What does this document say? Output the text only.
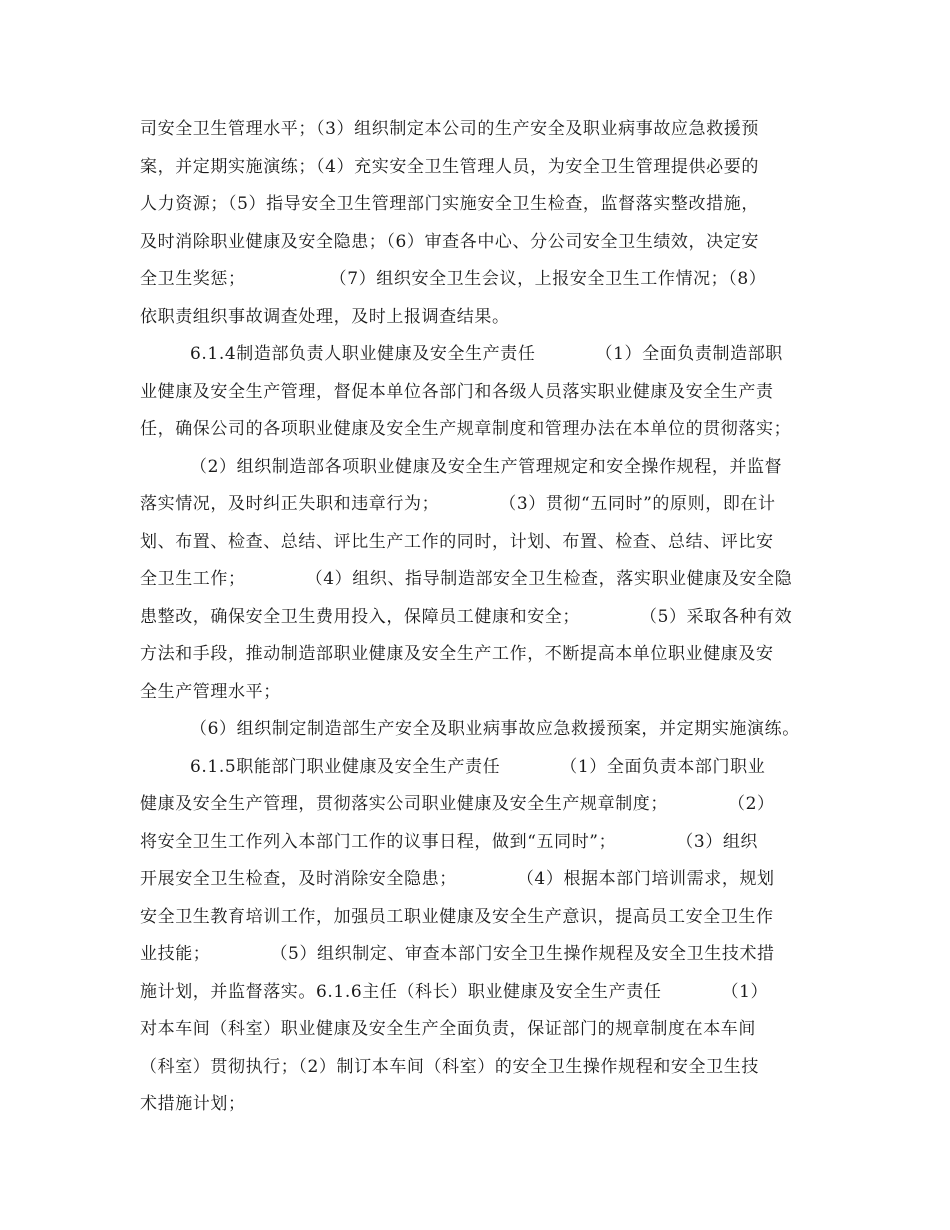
司安全卫生管理水平；（3）组织制定本公司的生产安全及职业病事故应急救援预
案，并定期实施演练；（4）充实安全卫生管理人员，为安全卫生管理提供必要的
人力资源；（5）指导安全卫生管理部门实施安全卫生检查，监督落实整改措施，
及时消除职业健康及安全隐患；（6）审查各中心、分公司安全卫生绩效，决定安
全卫生奖惩；              （7）组织安全卫生会议，上报安全卫生工作情况；（8）
依职责组织事故调查处理，及时上报调查结果。
6.1.4制造部负责人职业健康及安全生产责任          （1）全面负责制造部职
业健康及安全生产管理，督促本单位各部门和各级人员落实职业健康及安全生产责
任，确保公司的各项职业健康及安全生产规章制度和管理办法在本单位的贯彻落实；
（2）组织制造部各项职业健康及安全生产管理规定和安全操作规程，并监督
落实情况，及时纠正失职和违章行为；          （3）贯彻“五同时”的原则，即在计
划、布置、检查、总结、评比生产工作的同时，计划、布置、检查、总结、评比安
全卫生工作；          （4）组织、指导制造部安全卫生检查，落实职业健康及安全隐
患整改，确保安全卫生费用投入，保障员工健康和安全；          （5）采取各种有效
方法和手段，推动制造部职业健康及安全生产工作，不断提高本单位职业健康及安
全生产管理水平；
（6）组织制定制造部生产安全及职业病事故应急救援预案，并定期实施演练。
6.1.5职能部门职业健康及安全生产责任          （1）全面负责本部门职业
健康及安全生产管理，贯彻落实公司职业健康及安全生产规章制度；          （2）
将安全卫生工作列入本部门工作的议事日程，做到“五同时”；          （3）组织
开展安全卫生检查，及时消除安全隐患；          （4）根据本部门培训需求，规划
安全卫生教育培训工作，加强员工职业健康及安全生产意识，提高员工安全卫生作
业技能；          （5）组织制定、审查本部门安全卫生操作规程及安全卫生技术措
施计划，并监督落实。6.1.6主任（科长）职业健康及安全生产责任          （1）
对本车间（科室）职业健康及安全生产全面负责，保证部门的规章制度在本车间
（科室）贯彻执行；（2）制订本车间（科室）的安全卫生操作规程和安全卫生技
术措施计划；
